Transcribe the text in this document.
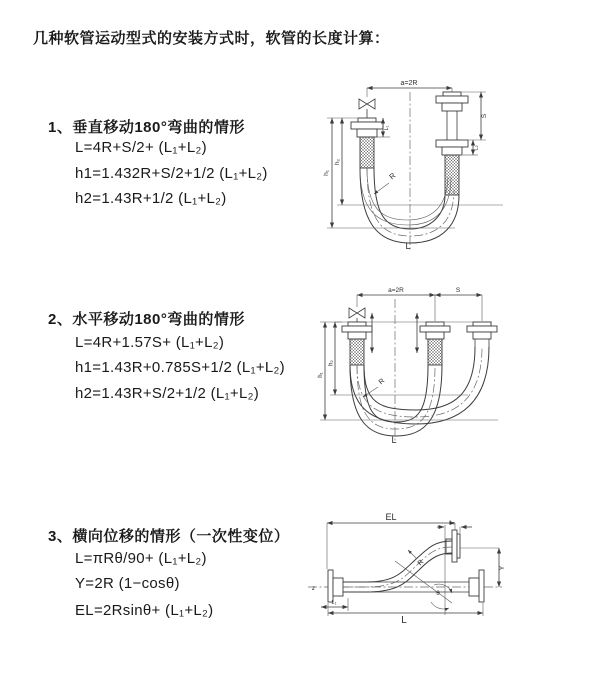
几种软管运动型式的安装方式时，软管的长度计算：
1、垂直移动180°弯曲的情形
L=4R+S/2+ (L₁+L₂)
h1=1.432R+S/2+1/2 (L₁+L₂)
h2=1.43R+1/2 (L₁+L₂)
2、水平移动180°弯曲的情形
L=4R+1.57S+ (L₁+L₂)
h1=1.43R+0.785S+1/2 (L₁+L₂)
h2=1.43R+S/2+1/2 (L₁+L₂)
3、横向位移的情形（一次性变位）
L=πRθ/90+ (L₁+L₂)
Y=2R (1−cosθ)
EL=2Rsinθ+ (L₁+L₂)
a=2R
h₁
h₂
L₁
S
L₂
R
L
a=2R	S
h₁
h₂
R
L
EL
L₂
θ
z
R
Y
L₁
L
